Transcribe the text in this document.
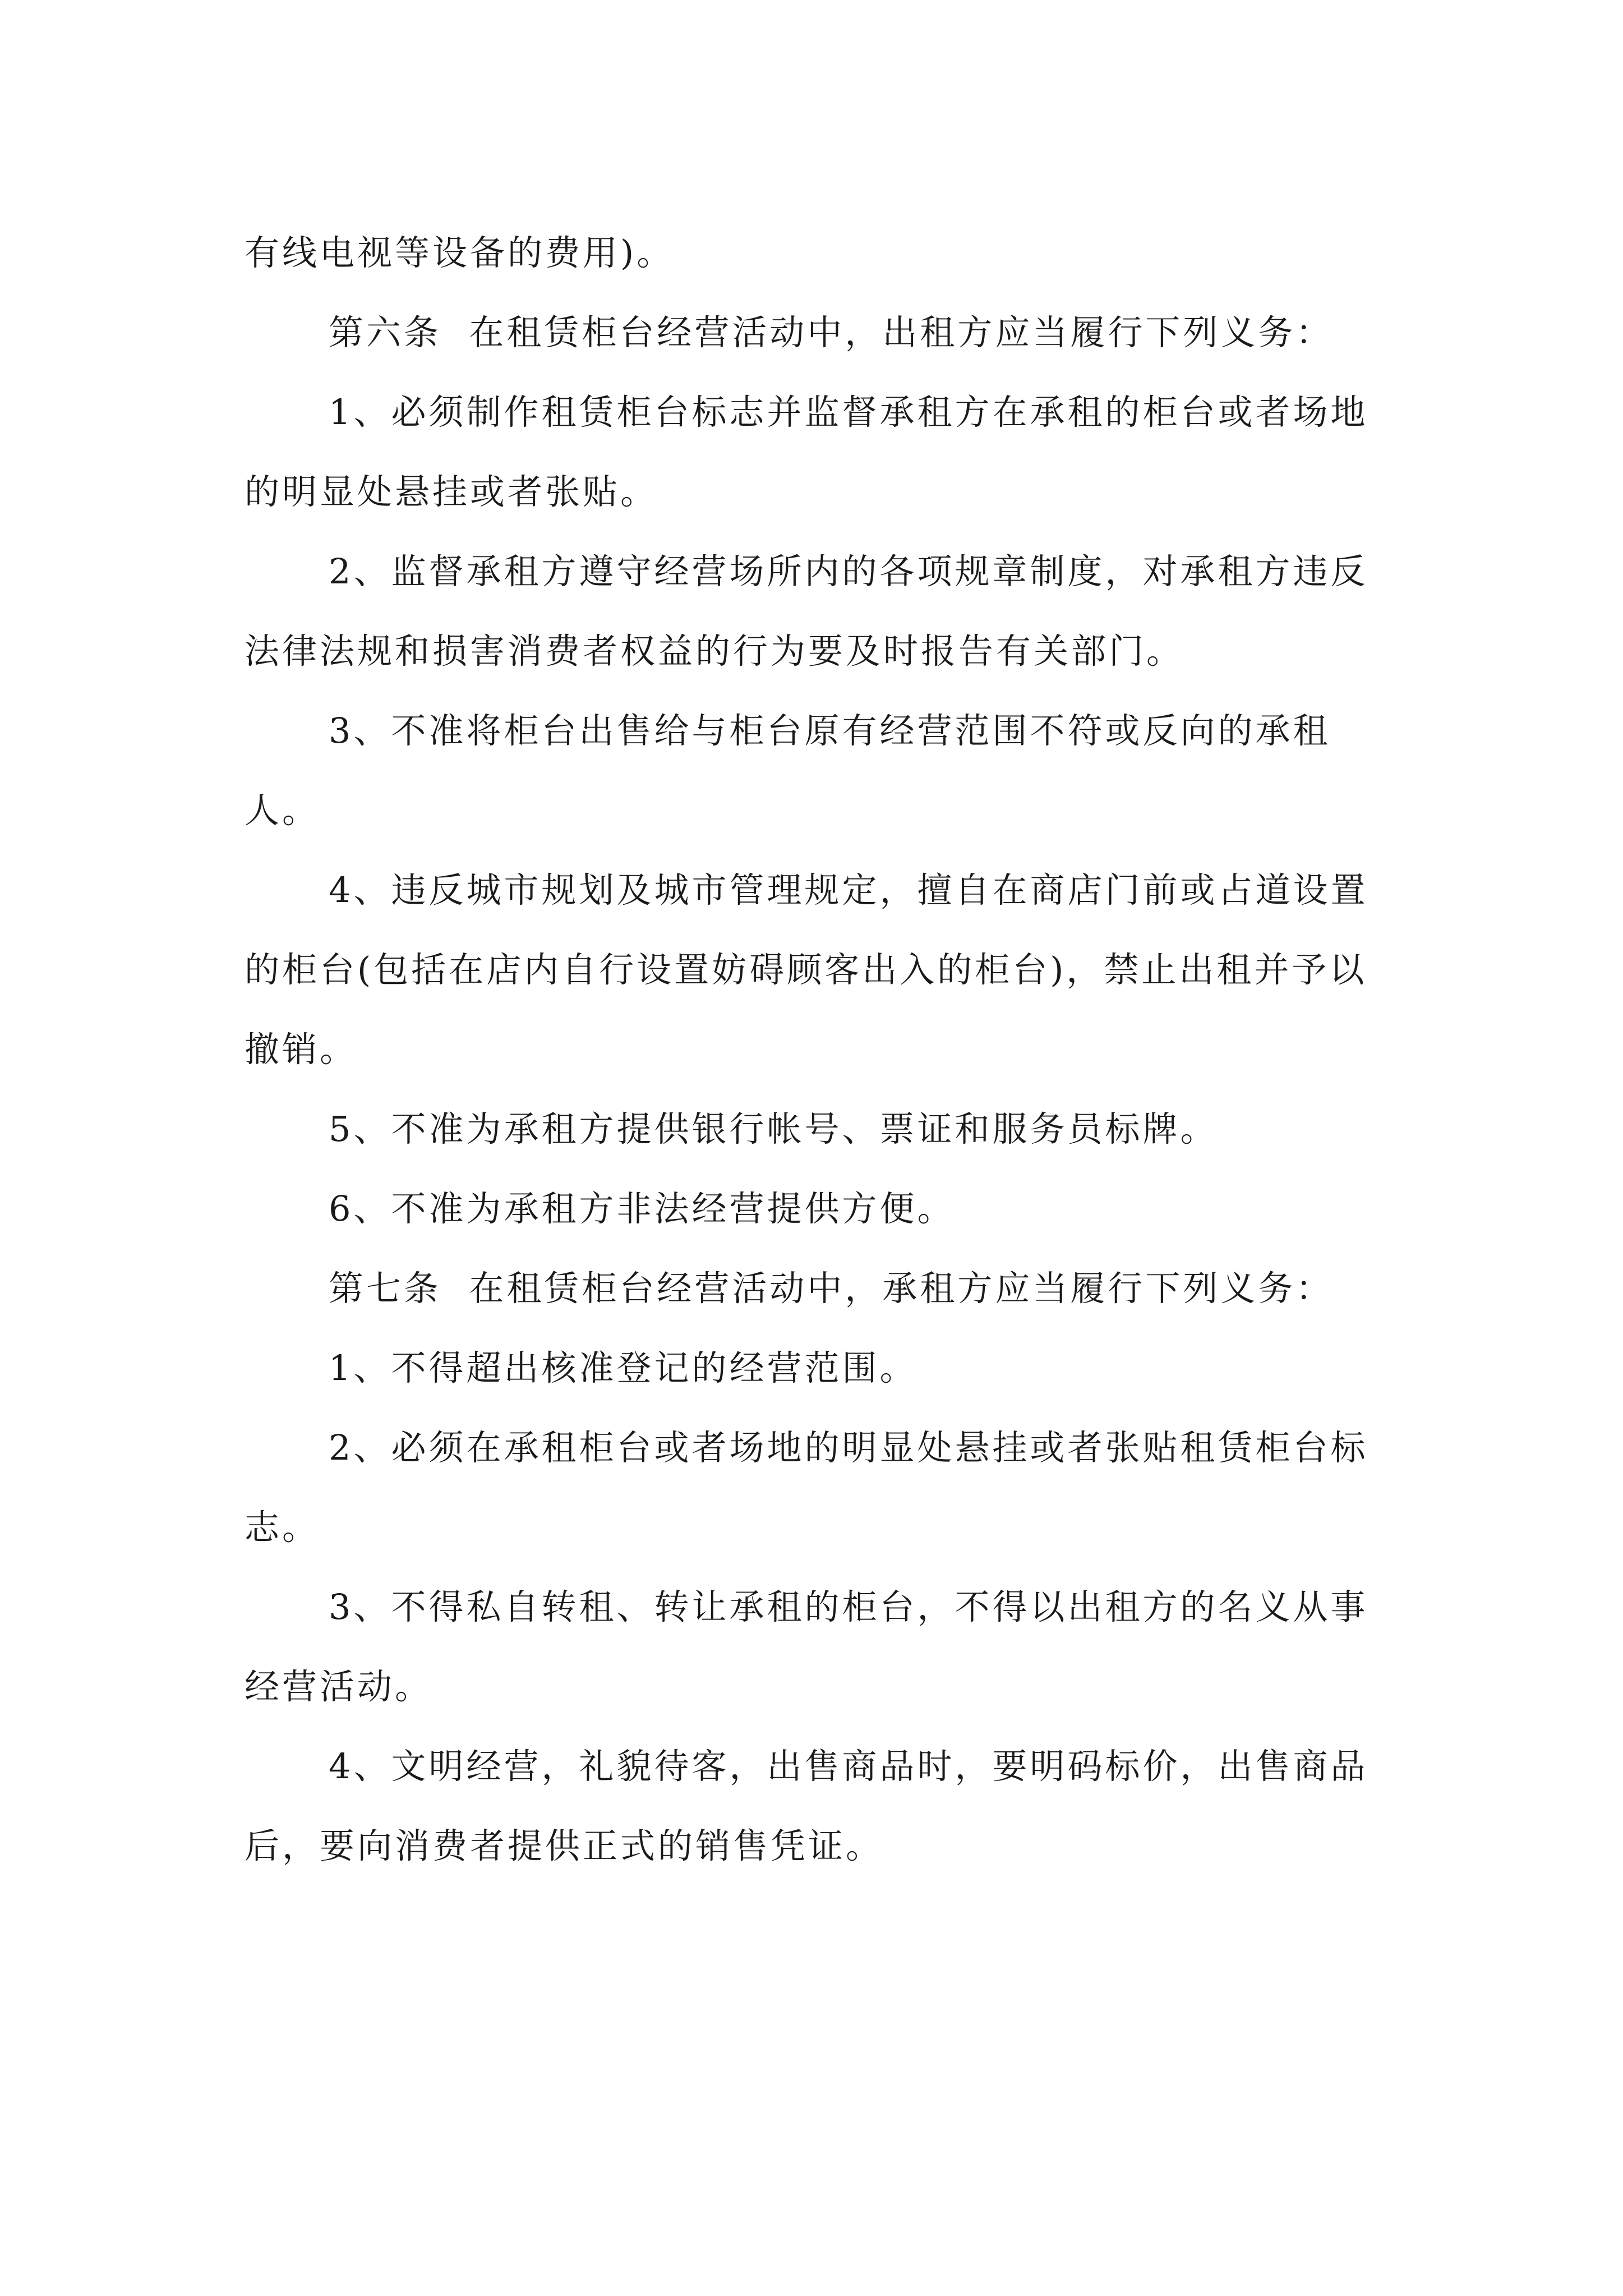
有线电视等设备的费用)。

第六条  在租赁柜台经营活动中，出租方应当履行下列义务：

1、必须制作租赁柜台标志并监督承租方在承租的柜台或者场地的明显处悬挂或者张贴。

2、监督承租方遵守经营场所内的各项规章制度，对承租方违反法律法规和损害消费者权益的行为要及时报告有关部门。

3、不准将柜台出售给与柜台原有经营范围不符或反向的承租人。

4、违反城市规划及城市管理规定，擅自在商店门前或占道设置的柜台(包括在店内自行设置妨碍顾客出入的柜台)，禁止出租并予以撤销。

5、不准为承租方提供银行帐号、票证和服务员标牌。

6、不准为承租方非法经营提供方便。

第七条  在租赁柜台经营活动中，承租方应当履行下列义务：

1、不得超出核准登记的经营范围。

2、必须在承租柜台或者场地的明显处悬挂或者张贴租赁柜台标志。

3、不得私自转租、转让承租的柜台，不得以出租方的名义从事经营活动。

4、文明经营，礼貌待客，出售商品时，要明码标价，出售商品后，要向消费者提供正式的销售凭证。
